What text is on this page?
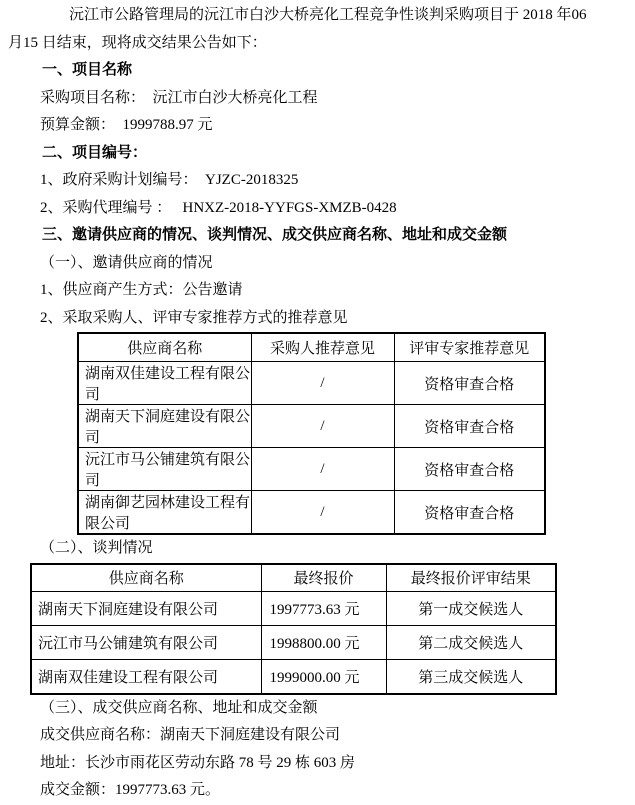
沅江市公路管理局的沅江市白沙大桥亮化工程竞争性谈判采购项目于 2018 年06
月15 日结束，现将成交结果公告如下：
一、项目名称
采购项目名称：  沅江市白沙大桥亮化工程
预算金额：  1999788.97 元
二、项目编号：
1、政府采购计划编号：  YJZC-2018325
2、采购代理编号 ：   HNXZ-2018-YYFGS-XMZB-0428
三、邀请供应商的情况、谈判情况、成交供应商名称、地址和成交金额
（一）、邀请供应商的情况
1、供应商产生方式：公告邀请
2、采取采购人、评审专家推荐方式的推荐意见
供应商名称	采购人推荐意见	评审专家推荐意见
湖南双佳建设工程有限公司	/	资格审查合格
湖南天下洞庭建设有限公司	/	资格审查合格
沅江市马公铺建筑有限公司	/	资格审查合格
湖南御艺园林建设工程有限公司	/	资格审查合格
（二）、谈判情况
供应商名称	最终报价	最终报价评审结果
湖南天下洞庭建设有限公司	1997773.63 元	第一成交候选人
沅江市马公铺建筑有限公司	1998800.00 元	第二成交候选人
湖南双佳建设工程有限公司	1999000.00 元	第三成交候选人
（三）、成交供应商名称、地址和成交金额
成交供应商名称：湖南天下洞庭建设有限公司
地址：长沙市雨花区劳动东路 78 号 29 栋 603 房
成交金额：1997773.63 元。
